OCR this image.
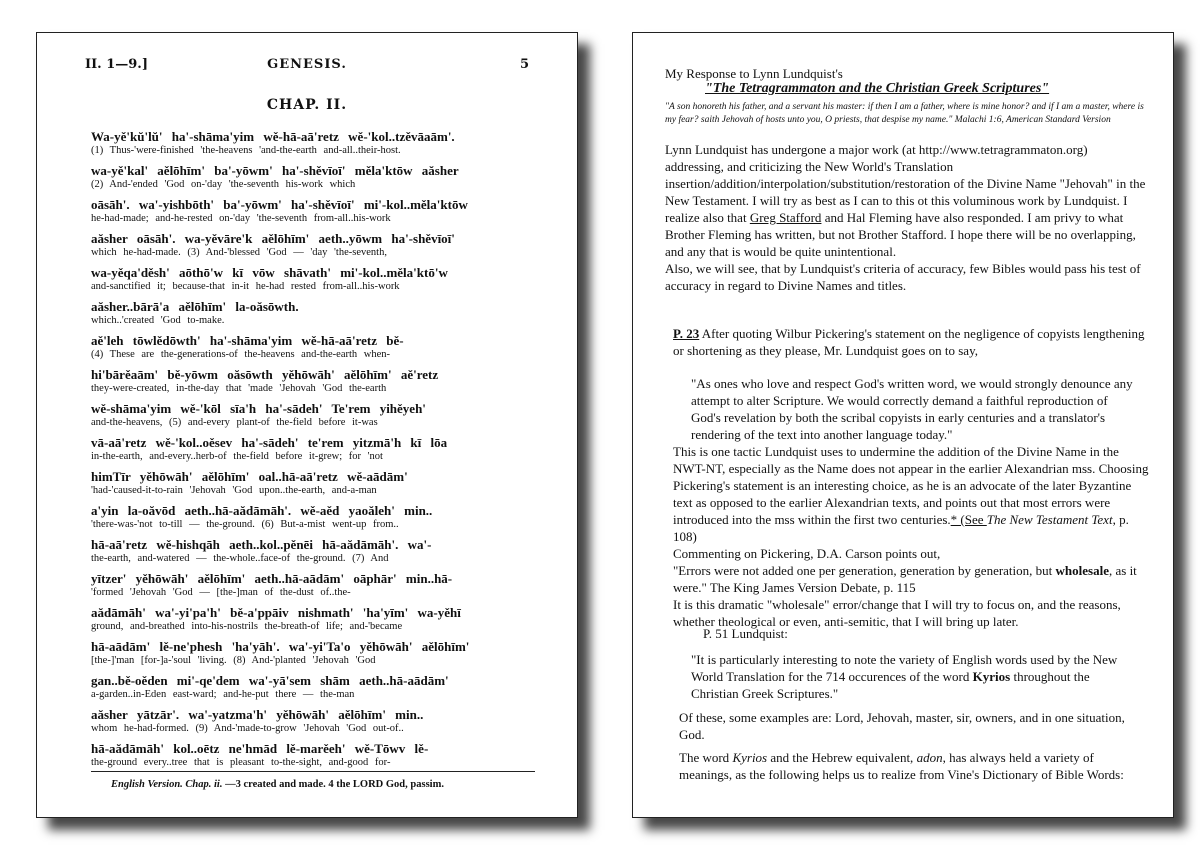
II. 1—9.]	GENESIS.	5
CHAP. II.
Wa-yě'kŭ'lŭ' ha'-shāma'yim wě-hā-aā'retz wě-'kol..tzěvāaām'.
(1) Thus-'were-finished 'the-heavens 'and-the-earth and-all..their-host.
wa-yě'kal' aělōhīm' ba'-yōwm' ha'-shěvīoī' měla'ktōw aăsher
(2) And-'ended 'God on-'day 'the-seventh his-work which
oāsāh'. wa'-yishbōth' ba'-yōwm' ha'-shěvīoī' mi'-kol..měla'ktōw
he-had-made; and-he-rested on-'day 'the-seventh from-all..his-work
aăsher oāsāh'. wa-yěvāre'k aělōhīm' aeth..yōwm ha'-shěvīoī'
which he-had-made. (3) And-'blessed 'God — 'day 'the-seventh,
wa-yěqa'děsh' aōthō'w kī vōw shāvath' mi'-kol..měla'ktō'w
and-sanctified it; because-that in-it he-had rested from-all..his-work
aăsher..bārā'a aělōhīm' la-oăsōwth.
which..'created 'God to-make.
aě'leh tōwlědōwth' ha'-shāma'yim wě-hā-aā'retz bě-
(4) These are the-generations-of the-heavens and-the-earth when-
hi'bārěaām' bě-yōwm oăsōwth yěhōwāh' aělōhīm' aě'retz
they-were-created, in-the-day that 'made 'Jehovah 'God the-earth
wě-shāma'yim wě-'kōl sīa'h ha'-sādeh' Te'rem yihěyeh'
and-the-heavens, (5) and-every plant-of the-field before it-was
vā-aā'retz wě-'kol..oěsev ha'-sādeh' te'rem yitzmā'h kī lōa
in-the-earth, and-every..herb-of the-field before it-grew; for 'not
himTīr yěhōwāh' aělōhīm' oal..hā-aā'retz wě-aādām'
'had-'caused-it-to-rain 'Jehovah 'God upon..the-earth, and-a-man
a'yin la-oăvōd aeth..hā-aădāmāh'. wě-aěd yaoăleh' min..
'there-was-'not to-till — the-ground. (6) But-a-mist went-up from..
hā-aā'retz wě-hishqāh aeth..kol..pěnēi hā-aădāmāh'. wa'-
the-earth, and-watered — the-whole..face-of the-ground. (7) And
yītzer' yěhōwāh' aělōhīm' aeth..hā-aādām' oāphār' min..hā-
'formed 'Jehovah 'God — [the-]man of the-dust of..the-
aădāmāh' wa'-yi'pa'h' bě-a'ppāiv nishmath' 'ha'yīm' wa-yěhī
ground, and-breathed into-his-nostrils the-breath-of life; and-'became
hā-aādām' lě-ne'phesh 'ha'yāh'. wa'-yi'Ta'o yěhōwāh' aělōhīm'
[the-]'man [for-]a-'soul 'living. (8) And-'planted 'Jehovah 'God
gan..bě-oěden mi'-qe'dem wa'-yā'sem shām aeth..hā-aādām'
a-garden..in-Eden east-ward; and-he-put there — the-man
aăsher yātzār'. wa'-yatzma'h' yěhōwāh' aělōhīm' min..
whom he-had-formed. (9) And-'made-to-grow 'Jehovah 'God out-of..
hā-aădāmāh' kol..oētz ne'hmād lě-marěeh' wě-Tōwv lě-
the-ground every..tree that is pleasant to-the-sight, and-good for-
English Version. Chap. ii. —3 created and made. 4 the LORD God, passim.
My Response to Lynn Lundquist's
"The Tetragrammaton and the Christian Greek Scriptures"
"A son honoreth his father, and a servant his master: if then I am a father, where is mine honor? and if I am a master, where is my fear? saith Jehovah of hosts unto you, O priests, that despise my name." Malachi 1:6, American Standard Version
Lynn Lundquist has undergone a major work (at http://www.tetragrammaton.org) addressing, and criticizing the New World's Translation insertion/addition/interpolation/substitution/restoration of the Divine Name "Jehovah" in the New Testament. I will try as best as I can to this ot this voluminous work by Lundquist. I realize also that Greg Stafford and Hal Fleming have also responded. I am privy to what Brother Fleming has written, but not Brother Stafford. I hope there will be no overlapping, and any that is would be quite unintentional.
Also, we will see, that by Lundquist's criteria of accuracy, few Bibles would pass his test of accuracy in regard to Divine Names and titles.
P. 23 After quoting Wilbur Pickering's statement on the negligence of copyists lengthening or shortening as they please, Mr. Lundquist goes on to say,
"As ones who love and respect God's written word, we would strongly denounce any attempt to alter Scripture. We would correctly demand a faithful reproduction of God's revelation by both the scribal copyists in early centuries and a translator's rendering of the text into another language today."
This is one tactic Lundquist uses to undermine the addition of the Divine Name in the NWT-NT, especially as the Name does not appear in the earlier Alexandrian mss. Choosing Pickering's statement is an interesting choice, as he is an advocate of the later Byzantine text as opposed to the earlier Alexandrian texts, and points out that most errors were introduced into the mss within the first two centuries.* (See The New Testament Text, p. 108)
Commenting on Pickering, D.A. Carson points out,
"Errors were not added one per generation, generation by generation, but wholesale, as it were." The King James Version Debate, p. 115
It is this dramatic "wholesale" error/change that I will try to focus on, and the reasons, whether theological or even, anti-semitic, that I will bring up later.
P. 51 Lundquist:
"It is particularly interesting to note the variety of English words used by the New World Translation for the 714 occurences of the word Kyrios throughout the Christian Greek Scriptures."
Of these, some examples are: Lord, Jehovah, master, sir, owners, and in one situation, God.
The word Kyrios and the Hebrew equivalent, adon, has always held a variety of meanings, as the following helps us to realize from Vine's Dictionary of Bible Words:
